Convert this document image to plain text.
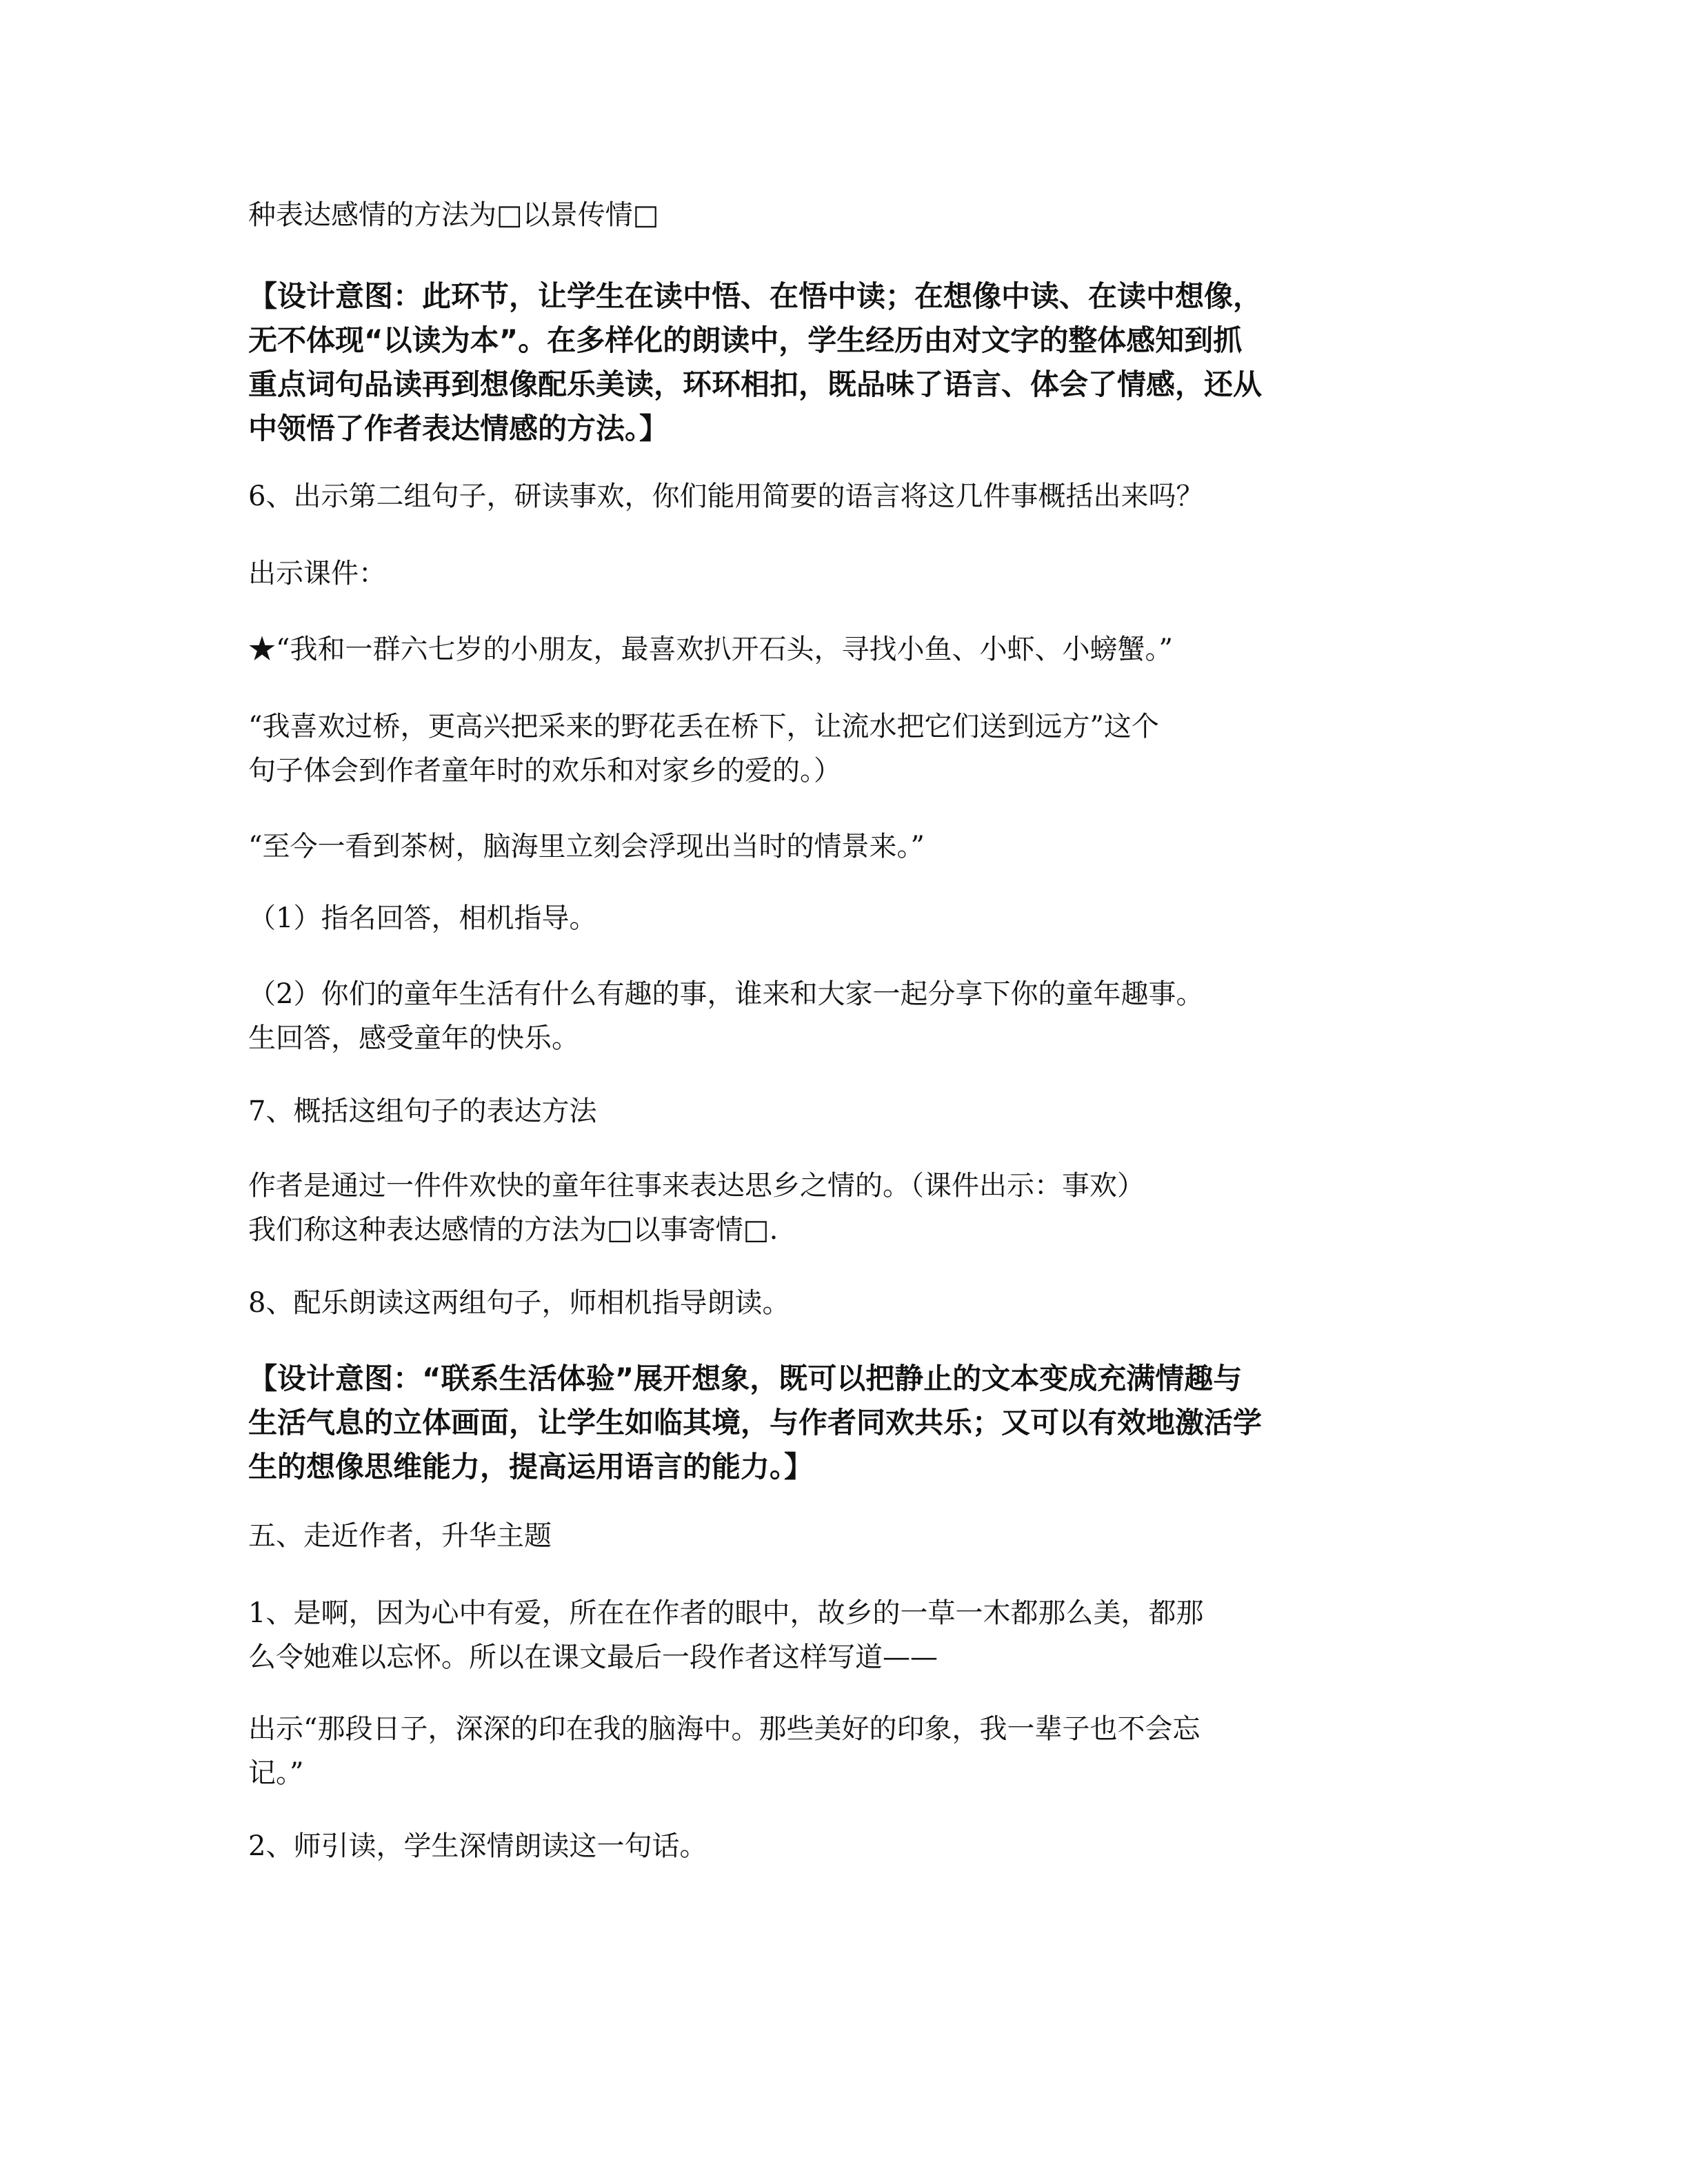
种表达感情的方法为□以景传情□

【设计意图：此环节，让学生在读中悟、在悟中读；在想像中读、在读中想像，
无不体现“以读为本”。在多样化的朗读中，学生经历由对文字的整体感知到抓
重点词句品读再到想像配乐美读，环环相扣，既品味了语言、体会了情感，还从
中领悟了作者表达情感的方法。】

6、出示第二组句子，研读事欢，你们能用简要的语言将这几件事概括出来吗？

出示课件：

★“我和一群六七岁的小朋友，最喜欢扒开石头，寻找小鱼、小虾、小螃蟹。”

“我喜欢过桥，更高兴把采来的野花丢在桥下，让流水把它们送到远方”这个
句子体会到作者童年时的欢乐和对家乡的爱的。）

“至今一看到茶树，脑海里立刻会浮现出当时的情景来。”

（1）指名回答，相机指导。

（2）你们的童年生活有什么有趣的事，谁来和大家一起分享下你的童年趣事。
生回答，感受童年的快乐。

7、概括这组句子的表达方法

作者是通过一件件欢快的童年往事来表达思乡之情的。（课件出示：事欢）
我们称这种表达感情的方法为□以事寄情□.

8、配乐朗读这两组句子，师相机指导朗读。

【设计意图：“联系生活体验”展开想象，既可以把静止的文本变成充满情趣与
生活气息的立体画面，让学生如临其境，与作者同欢共乐；又可以有效地激活学
生的想像思维能力，提高运用语言的能力。】

五、走近作者，升华主题

1、是啊，因为心中有爱，所在在作者的眼中，故乡的一草一木都那么美，都那
么令她难以忘怀。所以在课文最后一段作者这样写道——

出示“那段日子，深深的印在我的脑海中。那些美好的印象，我一辈子也不会忘
记。”

2、师引读，学生深情朗读这一句话。
